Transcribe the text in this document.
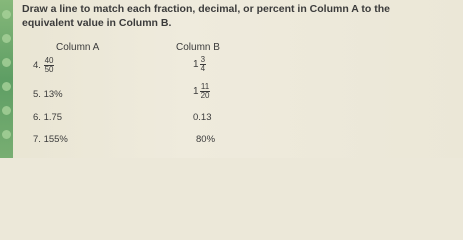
Draw a line to match each fraction, decimal, or percent in Column A to the
equivalent value in Column B.
Column A	Column B
4. $\frac{40}{50}$
5. 13%
6. 1.75
7. 155%
$1 \frac{3}{4}$
$1 \frac{11}{20}$
0.13
80%
